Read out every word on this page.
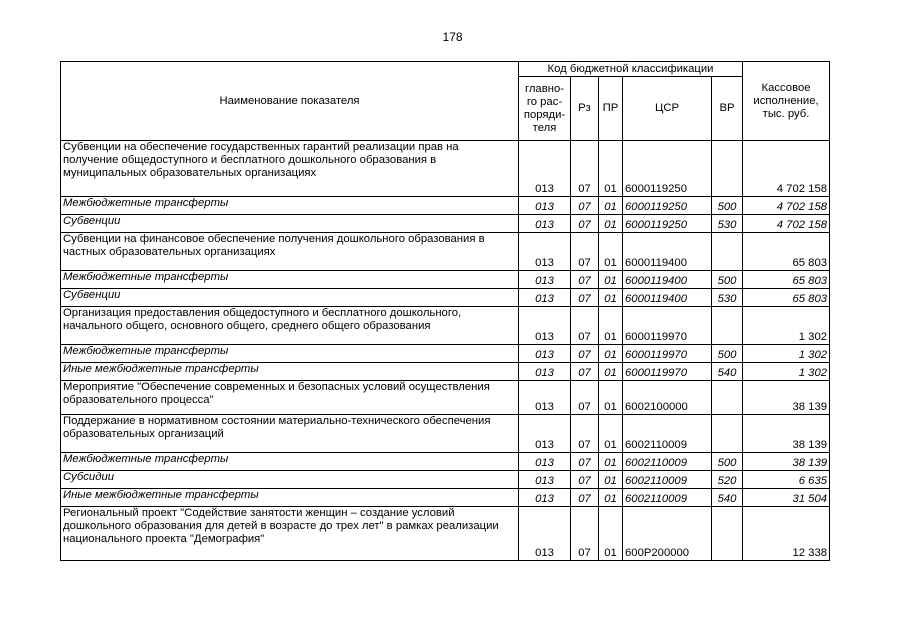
178
Наименование показателя	Код бюджетной классификации					Кассовое исполнение, тыс. руб.
	главно-го рас-поряди-теля	Рз	ПР	ЦСР	ВР	
Субвенции на обеспечение государственных гарантий реализации прав на получение общедоступного и бесплатного дошкольного образования в муниципальных образовательных организациях	013	07	01	6000119250		4 702 158
Межбюджетные трансферты	013	07	01	6000119250	500	4 702 158
Субвенции	013	07	01	6000119250	530	4 702 158
Субвенции на финансовое обеспечение получения дошкольного образования в частных образовательных организациях	013	07	01	6000119400		65 803
Межбюджетные трансферты	013	07	01	6000119400	500	65 803
Субвенции	013	07	01	6000119400	530	65 803
Организация предоставления общедоступного и бесплатного дошкольного, начального общего, основного общего, среднего общего образования	013	07	01	6000119970		1 302
Межбюджетные трансферты	013	07	01	6000119970	500	1 302
Иные межбюджетные трансферты	013	07	01	6000119970	540	1 302
Мероприятие "Обеспечение современных и безопасных условий осуществления образовательного процесса"	013	07	01	6002100000		38 139
Поддержание в нормативном состоянии материально-технического обеспечения образовательных организаций	013	07	01	6002110009		38 139
Межбюджетные трансферты	013	07	01	6002110009	500	38 139
Субсидии	013	07	01	6002110009	520	6 635
Иные межбюджетные трансферты	013	07	01	6002110009	540	31 504
Региональный проект "Содействие занятости женщин – создание условий дошкольного образования для детей в возрасте до трех лет" в рамках реализации национального проекта "Демография"	013	07	01	600P200000		12 338
